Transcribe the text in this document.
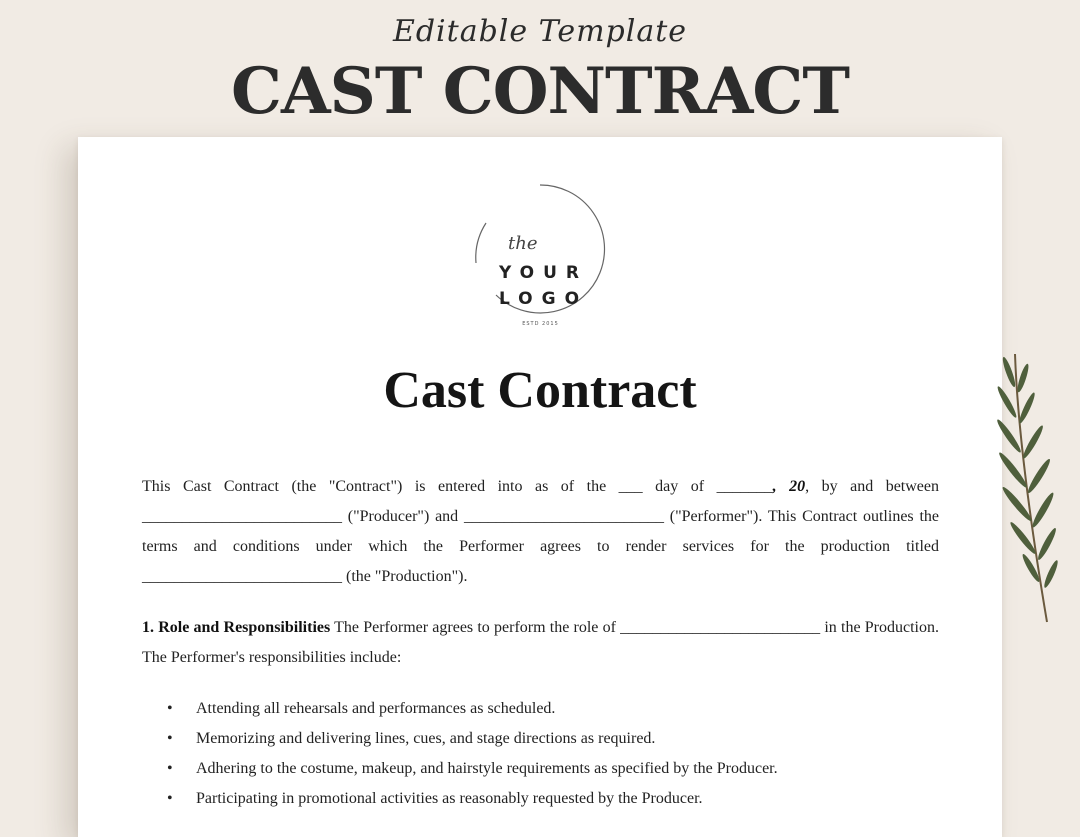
Editable Template
CAST CONTRACT
the
YOUR
LOGO
ESTD 2015
Cast Contract

This Cast Contract (the "Contract") is entered into as of the ___ day of _______, 20, by and between _________________________ ("Producer") and _________________________ ("Performer"). This Contract outlines the terms and conditions under which the Performer agrees to render services for the production titled _________________________ (the "Production").

1. Role and Responsibilities The Performer agrees to perform the role of _________________________ in the Production. The Performer's responsibilities include:

• Attending all rehearsals and performances as scheduled.
• Memorizing and delivering lines, cues, and stage directions as required.
• Adhering to the costume, makeup, and hairstyle requirements as specified by the Producer.
• Participating in promotional activities as reasonably requested by the Producer.
